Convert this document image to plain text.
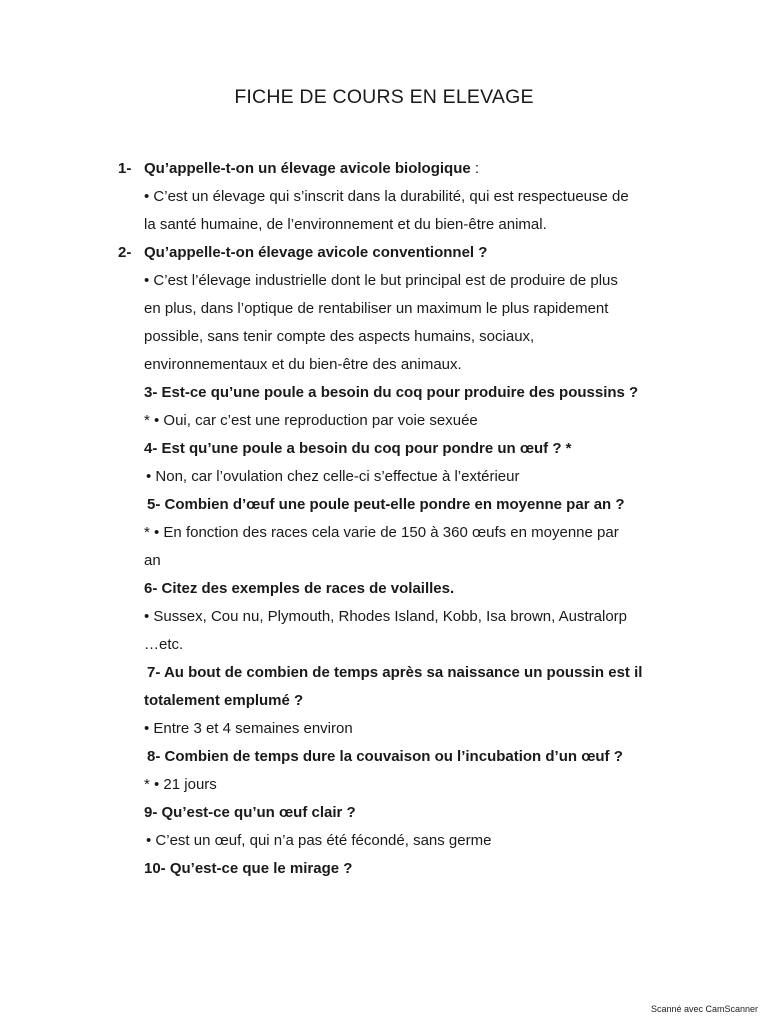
FICHE DE COURS EN ELEVAGE
1- Qu’appelle-t-on un élevage avicole biologique :
• C’est un élevage qui s’inscrit dans la durabilité, qui est respectueuse de
la santé humaine, de l’environnement et du bien-être animal.
2- Qu’appelle-t-on élevage avicole conventionnel ?
• C’est l’élevage industrielle dont le but principal est de produire de plus
en plus, dans l’optique de rentabiliser un maximum le plus rapidement
possible, sans tenir compte des aspects humains, sociaux,
environnementaux et du bien-être des animaux.
3- Est-ce qu’une poule a besoin du coq pour produire des poussins ?
* • Oui, car c’est une reproduction par voie sexuée
4- Est qu’une poule a besoin du coq pour pondre un œuf ? *
• Non, car l’ovulation chez celle-ci s’effectue à l’extérieur
5- Combien d’œuf une poule peut-elle pondre en moyenne par an ?
* • En fonction des races cela varie de 150 à 360 œufs en moyenne par
an
6- Citez des exemples de races de volailles.
• Sussex, Cou nu, Plymouth, Rhodes Island, Kobb, Isa brown, Australorp
…etc.
7- Au bout de combien de temps après sa naissance un poussin est il
totalement emplumé ?
• Entre 3 et 4 semaines environ
8- Combien de temps dure la couvaison ou l’incubation d’un œuf ?
* • 21 jours
9- Qu’est-ce qu’un œuf clair ?
• C’est un œuf, qui n’a pas été fécondé, sans germe
10- Qu’est-ce que le mirage ?
Scanné avec CamScanner
